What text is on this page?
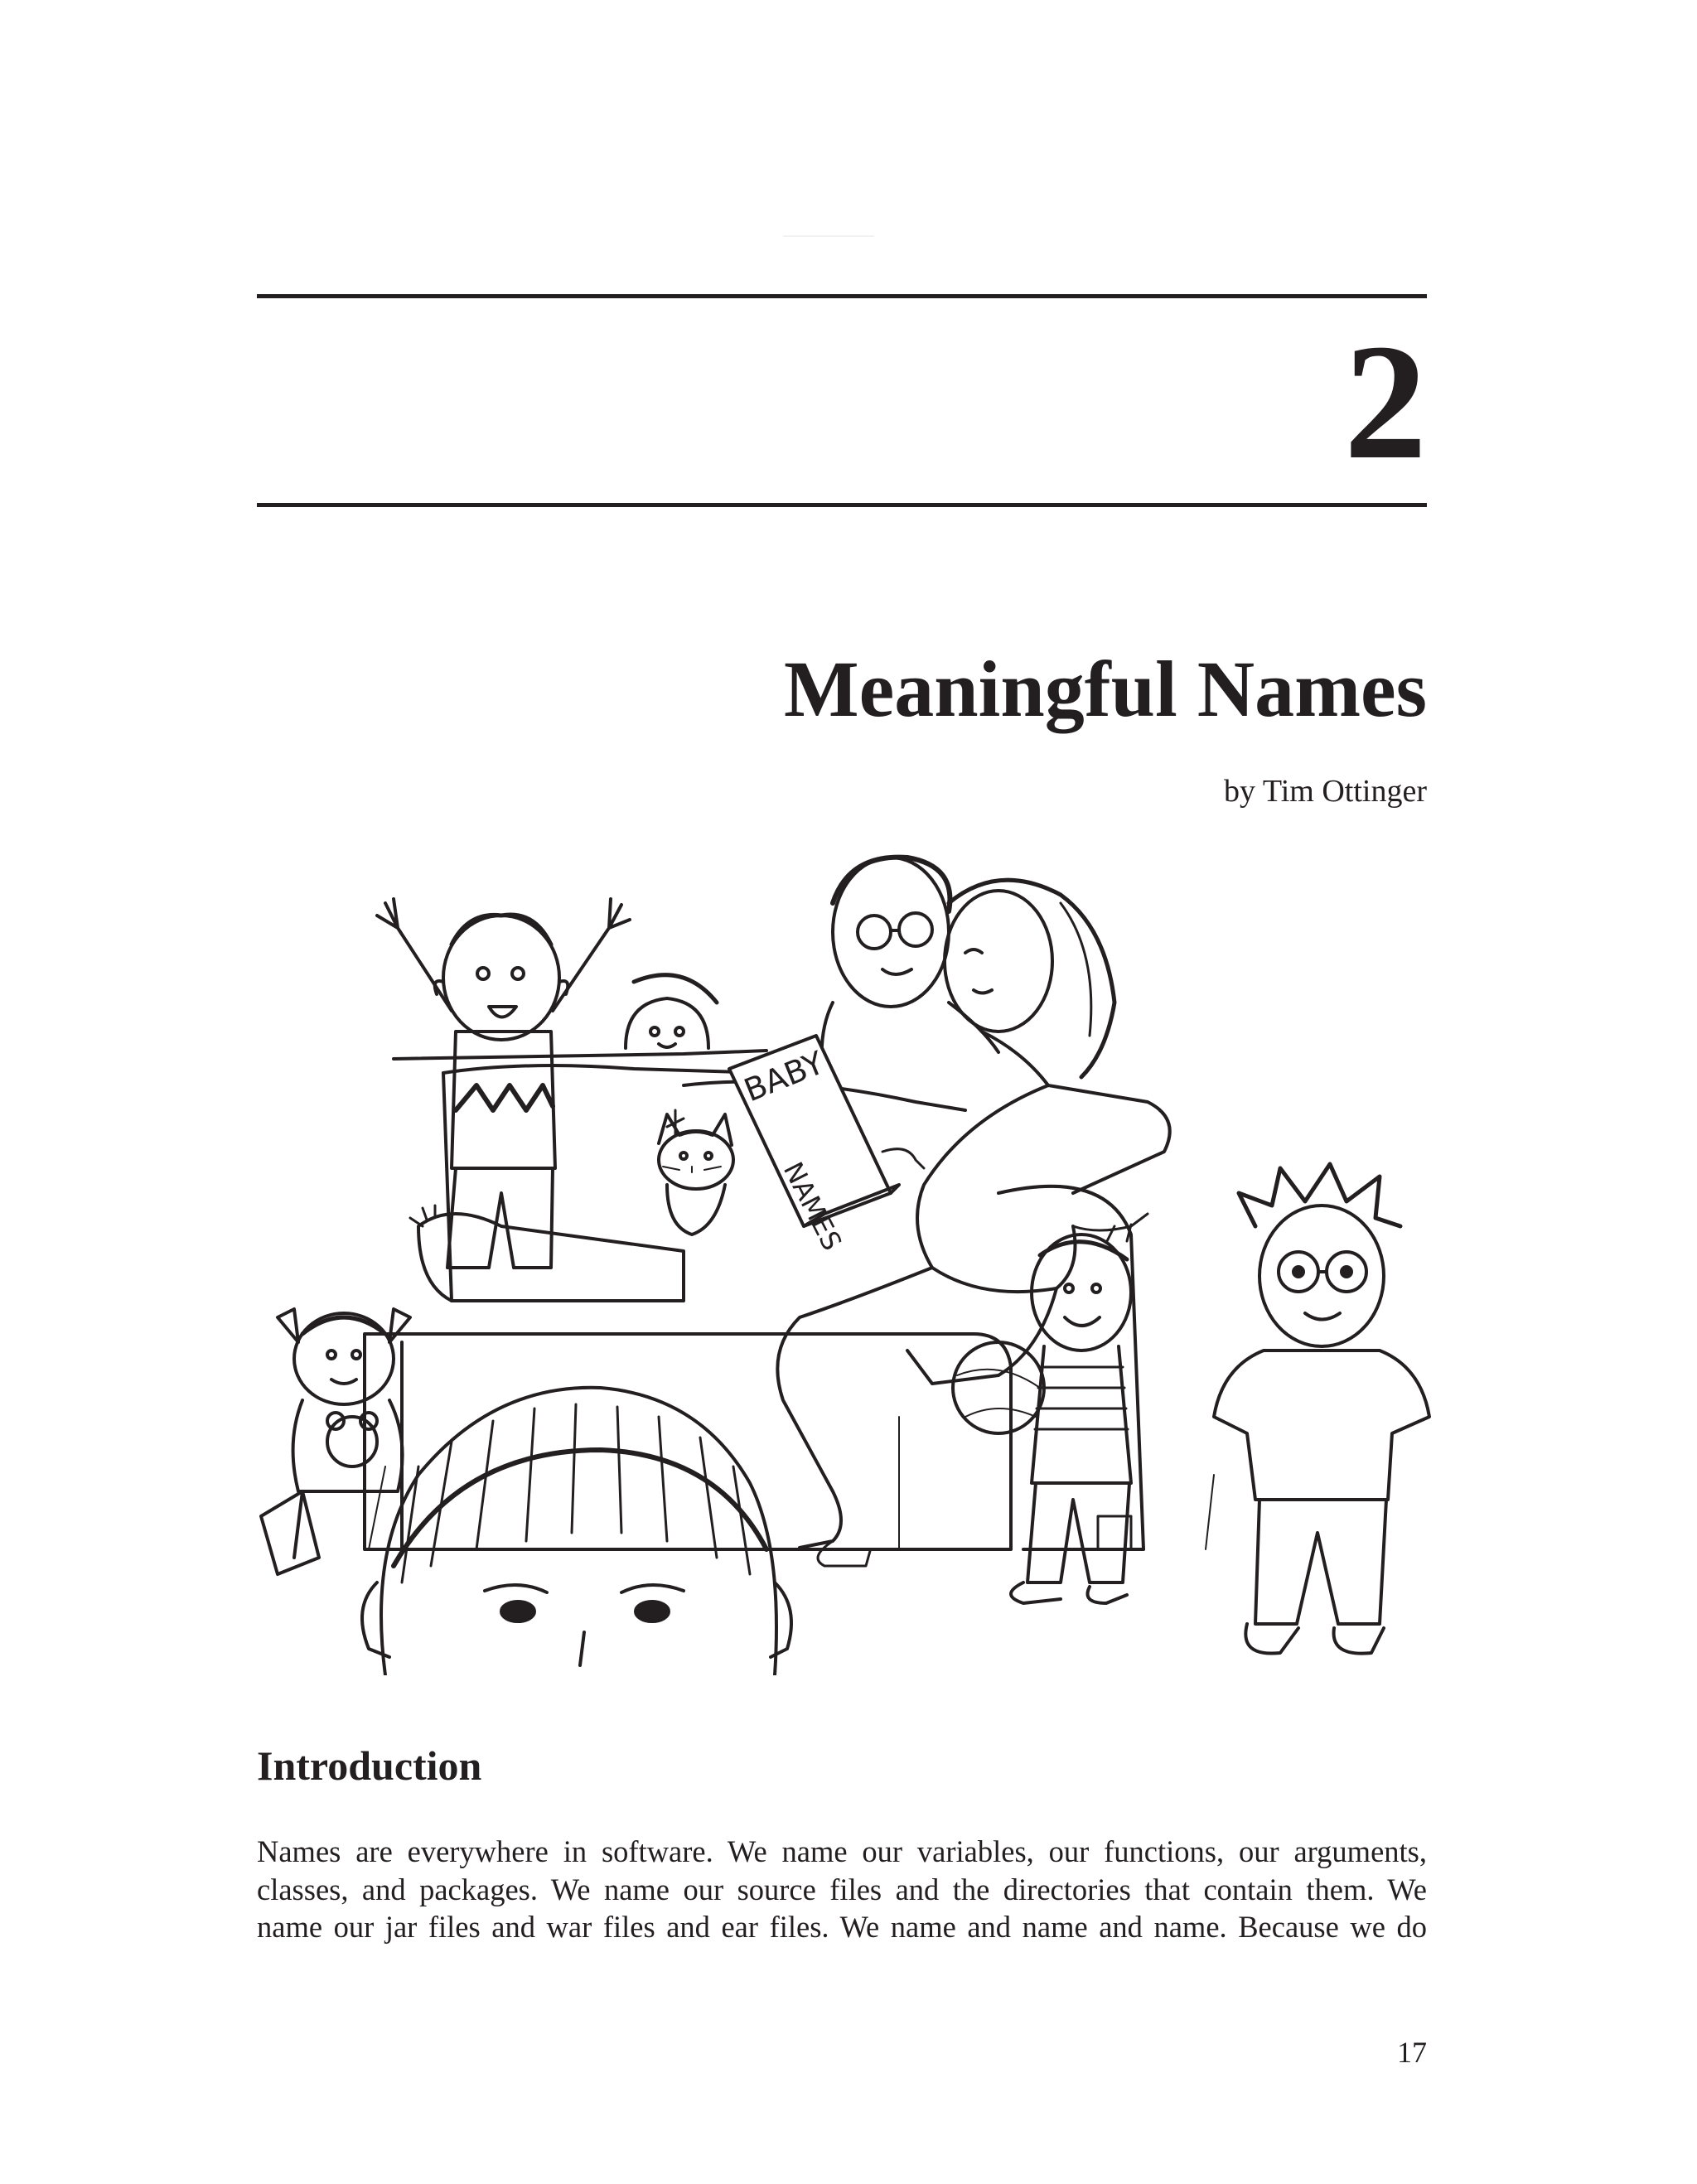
2
Meaningful Names
by Tim Ottinger
BABY
NAMES
Introduction
Names are everywhere in software. We name our variables, our functions, our arguments,
classes, and packages. We name our source files and the directories that contain them. We
name our jar files and war files and ear files. We name and name and name. Because we do
17
